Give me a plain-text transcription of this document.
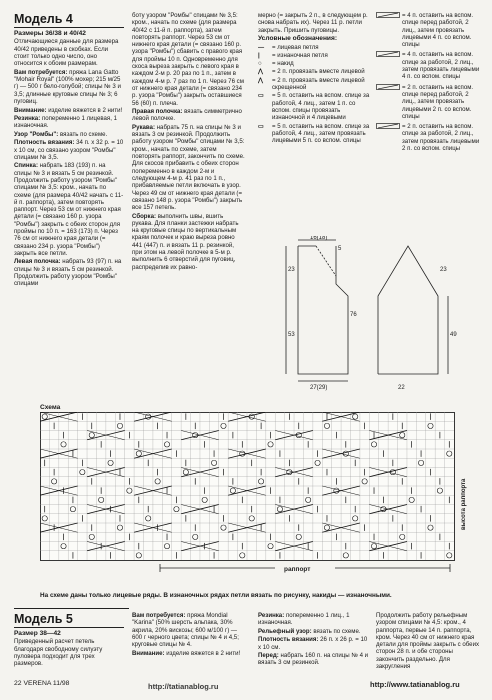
Модель 4

Размеры 36/38 и 40/42

Отличающиеся данные для размера 40/42 приведены в скобках. Если стоит только одно число, оно относится к обоим размерам.

Вам потребуется: пряжа Lana Gatto "Mohair Royal" (100% мохер; 215 м/25 г) — 500 г бело-голубой; спицы № 3 и 3,5; длинные круговые спицы № 3; 6 пуговиц.

Внимание: изделие вяжется в 2 нити!

Резинка: попеременно 1 лицевая, 1 изнаночная.

Узор "Ромбы": вязать по схеме.

Плотность вязания: 34 п. x 32 р. = 10 x 10 см, со связано узором "Ромбы" спицами № 3,5.

Спинка: набрать 183 (193) п. на спицы № 3 и вязать 5 см резинкой. Продолжить работу узором "Ромбы" спицами № 3,5: кром., начать по схеме (для размера 40/42 начать с 11-й п. раппорта), затем повторять раппорт. Через 53 см от нижнего края детали (= связано 160 р. узора "Ромбы") закрыть с обеих сторон для проймы по 10 п. = 163 (173) п. Через 76 см от нижнего края детали (= связано 234 р. узора "Ромбы") закрыть все петли.

Левая полочка: набрать 93 (97) п. на спицы № 3 и вязать 5 см резинкой. Продолжить работу узором "Ромбы" спицами

боту узором "Ромбы" спицами № 3,5: кром., начать по схеме (для размера 40/42 с 11-й п. раппорта), затем повторять раппорт. Через 53 см от нижнего края детали (= связано 160 р. узора "Ромбы") сбавить с правого края для проймы 10 п. Одновременно для скоса выреза закрыть с левого края в каждом 2-м р. 20 раз по 1 п., затем в каждом 4-м р. 7 раз по 1 п. Через 76 см от нижнего края детали (= связано 234 р. узора "Ромбы") закрыть оставшиеся 56 (60) п. плеча.

Правая полочка: вязать симметрично левой полочке.

Рукава: набрать 75 п. на спицы № 3 и вязать 3 см резинкой. Продолжить работу узором "Ромбы" спицами № 3,5: кром., начать по схеме, затем повторять раппорт, закончить по схеме. Для скосов прибавить с обеих сторон попеременно в каждом 2-м и следующем 4-м р. 41 раз по 1 п., прибавляемые петли включать в узор. Через 49 см от нижнего края детали (= связано 148 р. узора "Ромбы") закрыть все 157 петель.

Сборка: выполнить швы, вшить рукава. Для планки застежки набрать на круговые спицы по вертикальным краям полочек и краю выреза ровно 441 (447) п. и вязать 11 р. резинкой, при этом на левой полочке в 5-м р. выполнить 6 отверстий для пуговиц, распределив их равно-

мерно (= закрыть 2 п., в следующем р. снова набрать их). Через 11 р. петли закрыть. Пришить пуговицы.

Условные обозначения:

—	= лицевая петля
|	= изнаночная петля
○	= накид
⋀	= 2 п. провязать вместе лицевой
⋀	= 2 п. провязать вместе лицевой скрещенной
▭	= 5 п. оставить на вспом. спице за работой, 4 лиц., затем 1 п. со вспом. спицы провязать изнаночной и 4 лицевыми
▭	= 5 п. оставить на вспом. спице за работой, 4 лиц., затем провязать лицевыми 5 п. со вспом. спицы
= 4 п. оставить на вспом. спице перед работой, 2 лиц., затем провязать лицевыми 4 п. со вспом. спицы
= 4 п. оставить на вспом. спице за работой, 2 лиц., затем провязать лицевыми 4 п. со вспом. спицы
= 2 п. оставить на вспом. спице перед работой, 2 лиц., затем провязать лицевыми 2 п. со вспом. спицы
= 2 п. оставить на вспом. спице за работой, 2 лиц., затем провязать лицевыми 2 п. со вспом. спицы
16(18)
5
23
53
27(29)
76
23
49
22
Схема
раппорт
высота раппорта
На схеме даны только лицевые ряды. В изнаночных рядах петли вязать по рисунку, накиды — изнаночными.
Модель 5

Размер 38—42

Приведенный расчет петель благодаря свободному силуэту пуловера подходит для трех размеров.

Вам потребуется: пряжа Mondial "Karina" (50% шерсть альпака, 30% акрила, 20% вискозы; 600 м/100 г) — 600 г черного цвета; спицы № 4 и 4,5; круговые спицы № 4.

Внимание: изделие вяжется в 2 нити!

Резинка: попеременно 1 лиц., 1 изнаночная.

Рельефный узор: вязать по схеме.

Плотность вязания: 26 п. x 26 р. = 10 x 10 см.

Перед: набрать 160 п. на спицы № 4 и вязать 3 см резинкой.

Продолжить работу рельефным узором спицами № 4,5: кром., 4 раппорта, первые 14 п. раппорта, кром. Через 40 см от нижнего края детали для проймы закрыть с обеих сторон 28 п. и обе стороны закончить раздельно. Для закругления

22 VERENA 11/98	http://tatianablog.ru	http://www.tatianablog.ru
